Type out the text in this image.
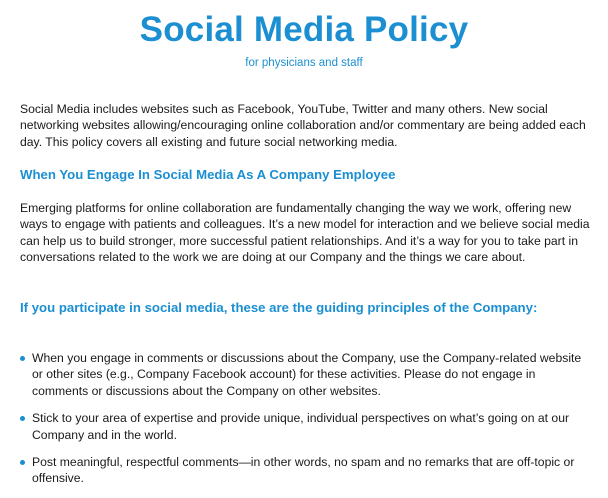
Social Media Policy

for physicians and staff

Social Media includes websites such as Facebook, YouTube, Twitter and many others. New social networking websites allowing/encouraging online collaboration and/or commentary are being added each day. This policy covers all existing and future social networking media.

When You Engage In Social Media As A Company Employee

Emerging platforms for online collaboration are fundamentally changing the way we work, offering new ways to engage with patients and colleagues. It’s a new model for interaction and we believe social media can help us to build stronger, more successful patient relationships. And it’s a way for you to take part in conversations related to the work we are doing at our Company and the things we care about.

If you participate in social media, these are the guiding principles of the Company:
When you engage in comments or discussions about the Company, use the Company-related website or other sites (e.g., Company Facebook account) for these activities. Please do not engage in comments or discussions about the Company on other websites.
Stick to your area of expertise and provide unique, individual perspectives on what’s going on at our Company and in the world.
Post meaningful, respectful comments—in other words, no spam and no remarks that are off-topic or offensive.
